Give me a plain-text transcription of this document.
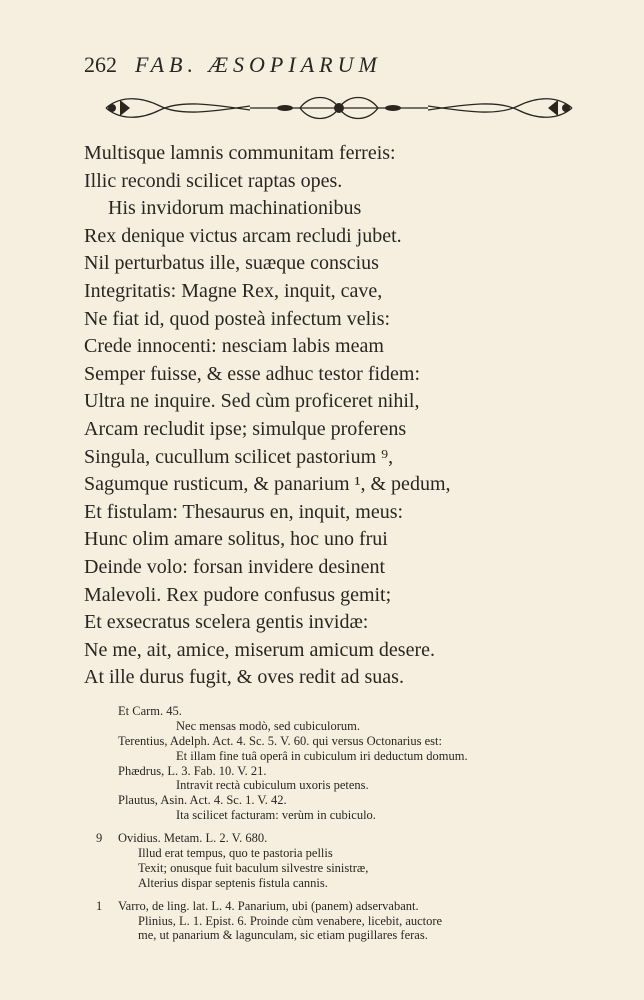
262 FAB. ÆSOPIARUM
Multisque lamnis communitam ferreis:
Illic recondi scilicet raptas opes.
His invidorum machinationibus
Rex denique victus arcam recludi jubet.
Nil perturbatus ille, suæque conscius
Integritatis: Magne Rex, inquit, cave,
Ne fiat id, quod posteà infectum velis:
Crede innocenti: nesciam labis meam
Semper fuisse, & esse adhuc testor fidem:
Ultra ne inquire. Sed cùm proficeret nihil,
Arcam recludit ipse; simulque proferens
Singula, cucullum scilicet pastorium ⁹,
Sagumque rusticum, & panarium ¹, & pedum,
Et fistulam: Thesaurus en, inquit, meus:
Hunc olim amare solitus, hoc uno frui
Deinde volo: forsan invidere desinent
Malevoli. Rex pudore confusus gemit;
Et exsecratus scelera gentis invidæ:
Ne me, ait, amice, miserum amicum desere.
At ille durus fugit, & oves redit ad suas.
Et Carm. 45.
Nec mensas modò, sed cubiculorum.
Terentius, Adelph. Act. 4. Sc. 5. V. 60. qui versus Octonarius est:
Et illam fine tuâ operâ in cubiculum iri deductum domum.
Phædrus, L. 3. Fab. 10. V. 21.
Intravit rectà cubiculum uxoris petens.
Plautus, Asin. Act. 4. Sc. 1. V. 42.
Ita scilicet facturam: verùm in cubiculo.
9 Ovidius. Metam. L. 2. V. 680.
Illud erat tempus, quo te pastoria pellis
Texit; onusque fuit baculum silvestre sinistræ,
Alterius dispar septenis fistula cannis.
1 Varro, de ling. lat. L. 4. Panarium, ubi (panem) adservabant.
Plinius, L. 1. Epist. 6. Proinde cùm venabere, licebit, auctore
me, ut panarium & lagunculam, sic etiam pugillares feras.
